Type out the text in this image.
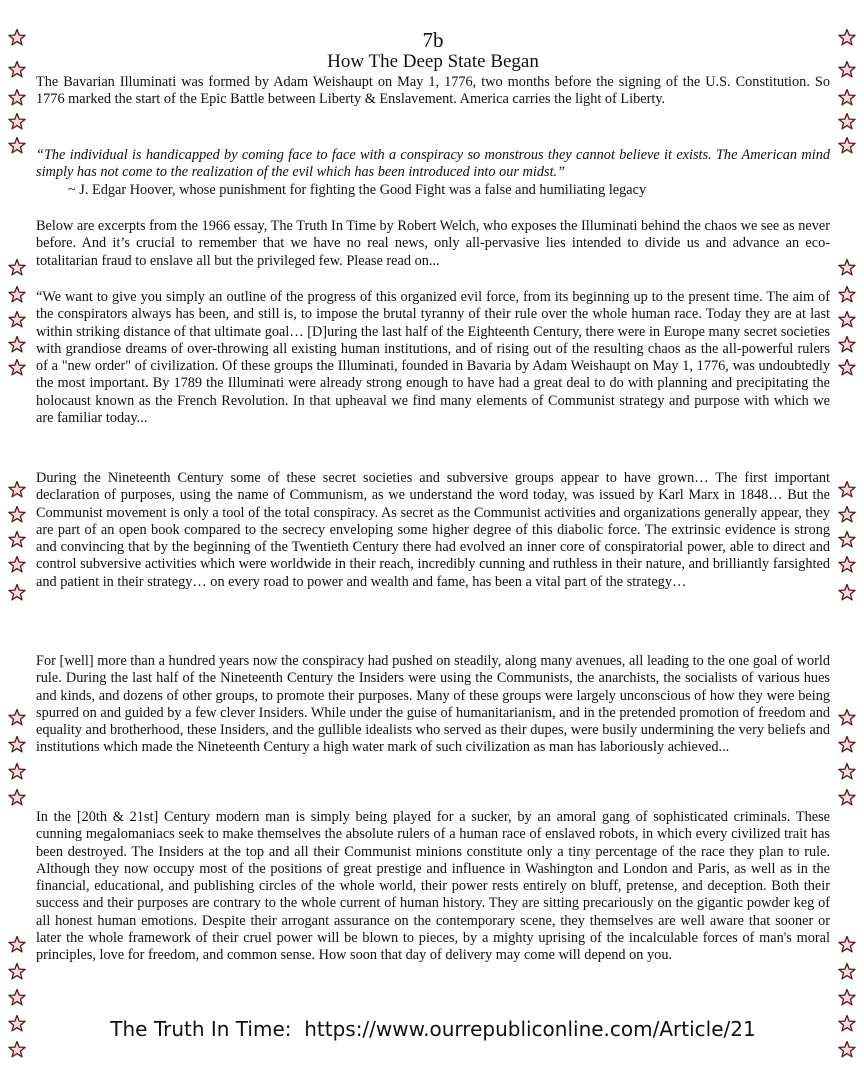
7b
How The Deep State Began

The Bavarian Illuminati was formed by Adam Weishaupt on May 1, 1776, two months before the signing of the U.S. Constitution. So 1776 marked the start of the Epic Battle between Liberty & Enslavement. America carries the light of Liberty.

“The individual is handicapped by coming face to face with a conspiracy so monstrous they cannot believe it exists. The American mind simply has not come to the realization of the evil which has been introduced into our midst.”
~ J. Edgar Hoover, whose punishment for fighting the Good Fight was a false and humiliating legacy

Below are excerpts from the 1966 essay, The Truth In Time by Robert Welch, who exposes the Illuminati behind the chaos we see as never before. And it’s crucial to remember that we have no real news, only all-pervasive lies intended to divide us and advance an eco-totalitarian fraud to enslave all but the privileged few. Please read on...

“We want to give you simply an outline of the progress of this organized evil force, from its beginning up to the present time. The aim of the conspirators always has been, and still is, to impose the brutal tyranny of their rule over the whole human race. Today they are at last within striking distance of that ultimate goal… [D]uring the last half of the Eighteenth Century, there were in Europe many secret societies with grandiose dreams of over-throwing all existing human institutions, and of rising out of the resulting chaos as the all-powerful rulers of a "new order" of civilization. Of these groups the Illuminati, founded in Bavaria by Adam Weishaupt on May 1, 1776, was undoubtedly the most important. By 1789 the Illuminati were already strong enough to have had a great deal to do with planning and precipitating the holocaust known as the French Revolution. In that upheaval we find many elements of Communist strategy and purpose with which we are familiar today...

During the Nineteenth Century some of these secret societies and subversive groups appear to have grown… The first important declaration of purposes, using the name of Communism, as we understand the word today, was issued by Karl Marx in 1848… But the Communist movement is only a tool of the total conspiracy. As secret as the Communist activities and organizations generally appear, they are part of an open book compared to the secrecy enveloping some higher degree of this diabolic force. The extrinsic evidence is strong and convincing that by the beginning of the Twentieth Century there had evolved an inner core of conspiratorial power, able to direct and control subversive activities which were worldwide in their reach, incredibly cunning and ruthless in their nature, and brilliantly farsighted and patient in their strategy… on every road to power and wealth and fame, has been a vital part of the strategy…

For [well] more than a hundred years now the conspiracy had pushed on steadily, along many avenues, all leading to the one goal of world rule. During the last half of the Nineteenth Century the Insiders were using the Communists, the anarchists, the socialists of various hues and kinds, and dozens of other groups, to promote their purposes. Many of these groups were largely unconscious of how they were being spurred on and guided by a few clever Insiders. While under the guise of humanitarianism, and in the pretended promotion of freedom and equality and brotherhood, these Insiders, and the gullible idealists who served as their dupes, were busily undermining the very beliefs and institutions which made the Nineteenth Century a high water mark of such civilization as man has laboriously achieved...

In the [20th & 21st] Century modern man is simply being played for a sucker, by an amoral gang of sophisticated criminals. These cunning megalomaniacs seek to make themselves the absolute rulers of a human race of enslaved robots, in which every civilized trait has been destroyed. The Insiders at the top and all their Communist minions constitute only a tiny percentage of the race they plan to rule. Although they now occupy most of the positions of great prestige and influence in Washington and London and Paris, as well as in the financial, educational, and publishing circles of the whole world, their power rests entirely on bluff, pretense, and deception. Both their success and their purposes are contrary to the whole current of human history. They are sitting precariously on the gigantic powder keg of all honest human emotions. Despite their arrogant assurance on the contemporary scene, they themselves are well aware that sooner or later the whole framework of their cruel power will be blown to pieces, by a mighty uprising of the incalculable forces of man's moral principles, love for freedom, and common sense. How soon that day of delivery may come will depend on you.

The Truth In Time: https://www.ourrepubliconline.com/Article/21
